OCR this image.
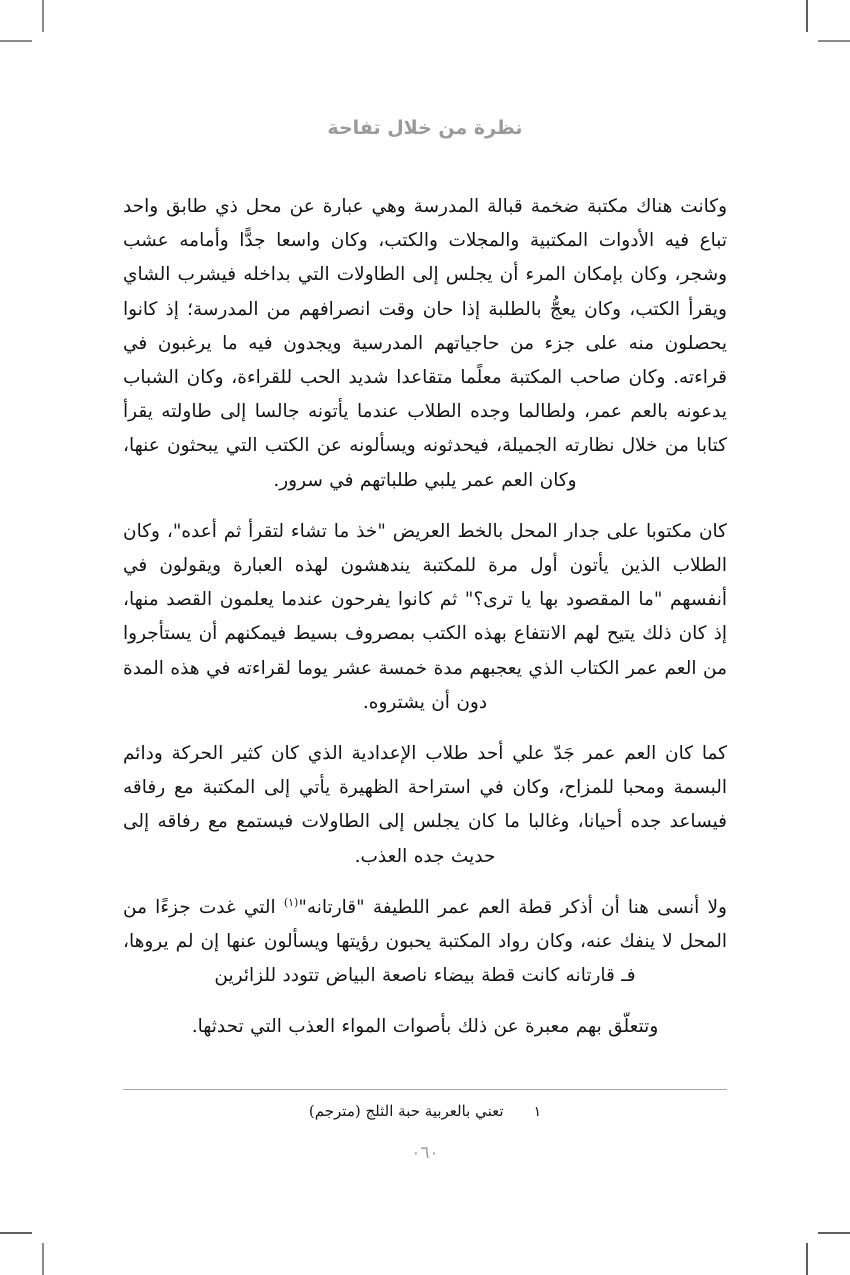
نظرة من خلال تفاحة

وكانت هناك مكتبة ضخمة قبالة المدرسة وهي عبارة عن محل ذي طابق واحد تباع فيه الأدوات المكتبية والمجلات والكتب، وكان واسعا جدًّا وأمامه عشب وشجر، وكان بإمكان المرء أن يجلس إلى الطاولات التي بداخله فيشرب الشاي ويقرأ الكتب، وكان يعجُّ بالطلبة إذا حان وقت انصرافهم من المدرسة؛ إذ كانوا يحصلون منه على جزء من حاجياتهم المدرسية ويجدون فيه ما يرغبون في قراءته. وكان صاحب المكتبة معلًما متقاعدا شديد الحب للقراءة، وكان الشباب يدعونه بالعم عمر، ولطالما وجده الطلاب عندما يأتونه جالسا إلى طاولته يقرأ كتابا من خلال نظارته الجميلة، فيحدثونه ويسألونه عن الكتب التي يبحثون عنها، وكان العم عمر يلبي طلباتهم في سرور.

كان مكتوبا على جدار المحل بالخط العريض "خذ ما تشاء لتقرأ ثم أعده"، وكان الطلاب الذين يأتون أول مرة للمكتبة يندهشون لهذه العبارة ويقولون في أنفسهم "ما المقصود بها يا ترى؟" ثم كانوا يفرحون عندما يعلمون القصد منها، إذ كان ذلك يتيح لهم الانتفاع بهذه الكتب بمصروف بسيط فيمكنهم أن يستأجروا من العم عمر الكتاب الذي يعجبهم مدة خمسة عشر يوما لقراءته في هذه المدة دون أن يشتروه.

كما كان العم عمر جَدّ علي أحد طلاب الإعدادية الذي كان كثير الحركة ودائم البسمة ومحبا للمزاح، وكان في استراحة الظهيرة يأتي إلى المكتبة مع رفاقه فيساعد جده أحيانا، وغالبا ما كان يجلس إلى الطاولات فيستمع مع رفاقه إلى حديث جده العذب.

ولا أنسى هنا أن أذكر قطة العم عمر اللطيفة "قارتانه"$^{(١)}$ التي غدت جزءًا من المحل لا ينفك عنه، وكان رواد المكتبة يحبون رؤيتها ويسألون عنها إن لم يروها، فـ قارتانه كانت قطة بيضاء ناصعة البياض تتودد للزائرين

وتتعلّق بهم معبرة عن ذلك بأصوات المواء العذب التي تحدثها.

١
تعني بالعربية حبة الثلج (مترجم)
٠٦٠
